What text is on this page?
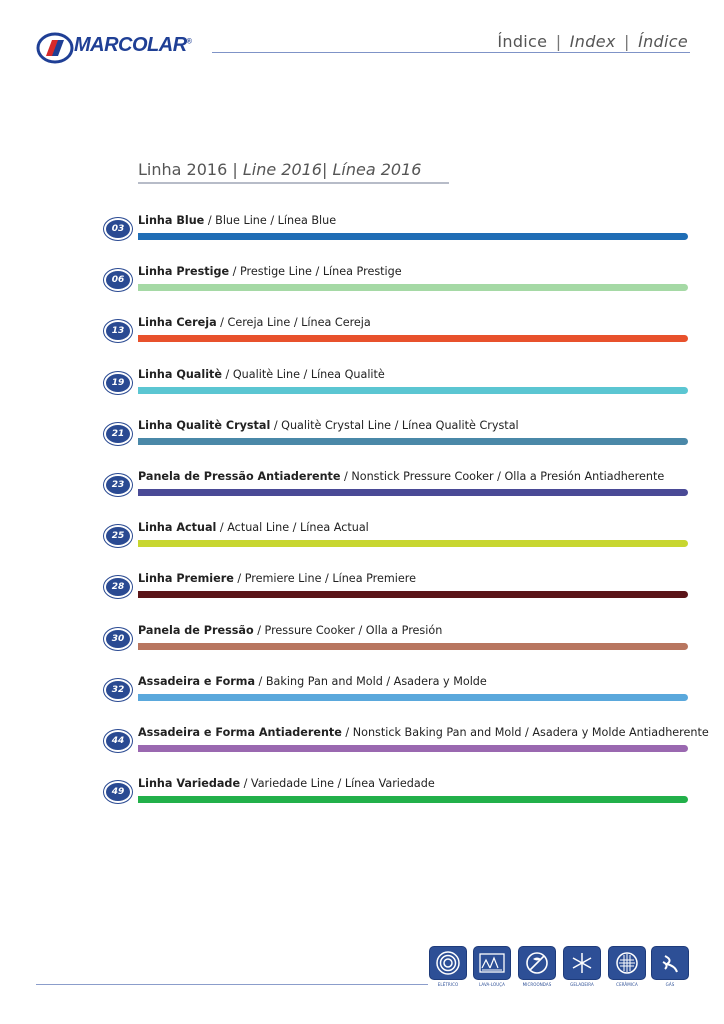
MARCOLAR®	Índice | Index | Índice
Linha 2016 | Line 2016| Línea 2016
03
Linha Blue / Blue Line / Línea Blue
06
Linha Prestige / Prestige Line / Línea Prestige
13
Linha Cereja / Cereja Line / Línea Cereja
19
Linha Qualitè / Qualitè Line / Línea Qualitè
21
Linha Qualitè Crystal / Qualitè Crystal Line / Línea Qualitè Crystal
23
Panela de Pressão Antiaderente / Nonstick Pressure Cooker / Olla a Presión Antiadherente
25
Linha Actual / Actual Line / Línea Actual
28
Linha Premiere / Premiere Line / Línea Premiere
30
Panela de Pressão / Pressure Cooker / Olla a Presión
32
Assadeira e Forma / Baking Pan and Mold / Asadera y Molde
44
Assadeira e Forma Antiaderente / Nonstick Baking Pan and Mold / Asadera y Molde Antiadherente
49
Linha Variedade / Variedade Line / Línea Variedade
ELÉTRICO	LAVA-LOUÇA	MICROONDAS	GELADEIRA	CERÂMICA	GÁS
